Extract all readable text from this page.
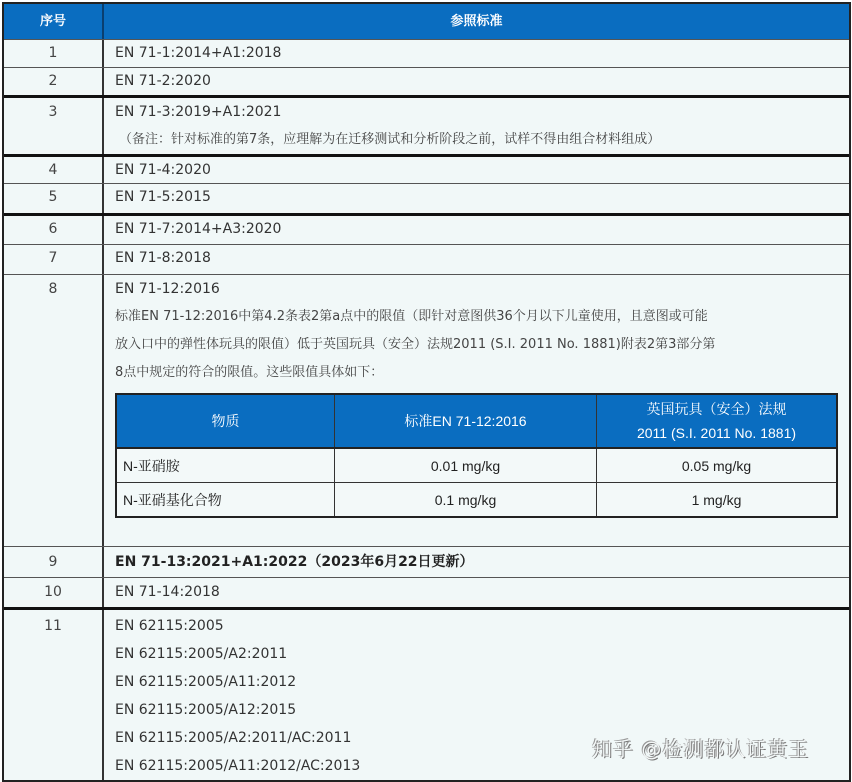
序号	参照标准
1	EN 71-1:2014+A1:2018
2	EN 71-2:2020
3	EN 71-3:2019+A1:2021
（备注：针对标准的第7条，应理解为在迁移测试和分析阶段之前，试样不得由组合材料组成）
4	EN 71-4:2020
5	EN 71-5:2015
6	EN 71-7:2014+A3:2020
7	EN 71-8:2018
8	EN 71-12:2016
标准EN 71-12:2016中第4.2条表2第a点中的限值（即针对意图供36个月以下儿童使用，且意图或可能
放入口中的弹性体玩具的限值）低于英国玩具（安全）法规2011 (S.I. 2011 No. 1881)附表2第3部分第
8点中规定的符合的限值。这些限值具体如下：
物质	标准EN 71-12:2016	英国玩具（安全）法规
2011 (S.I. 2011 No. 1881)

N-亚硝胺	0.01 mg/kg	0.05 mg/kg
N-亚硝基化合物	0.1 mg/kg	1 mg/kg
9	EN 71-13:2021+A1:2022（2023年6月22日更新）
10	EN 71-14:2018
11	EN 62115:2005
EN 62115:2005/A2:2011
EN 62115:2005/A11:2012
EN 62115:2005/A12:2015
EN 62115:2005/A2:2011/AC:2011
EN 62115:2005/A11:2012/AC:2013
知乎 @检测都认证黄玉
